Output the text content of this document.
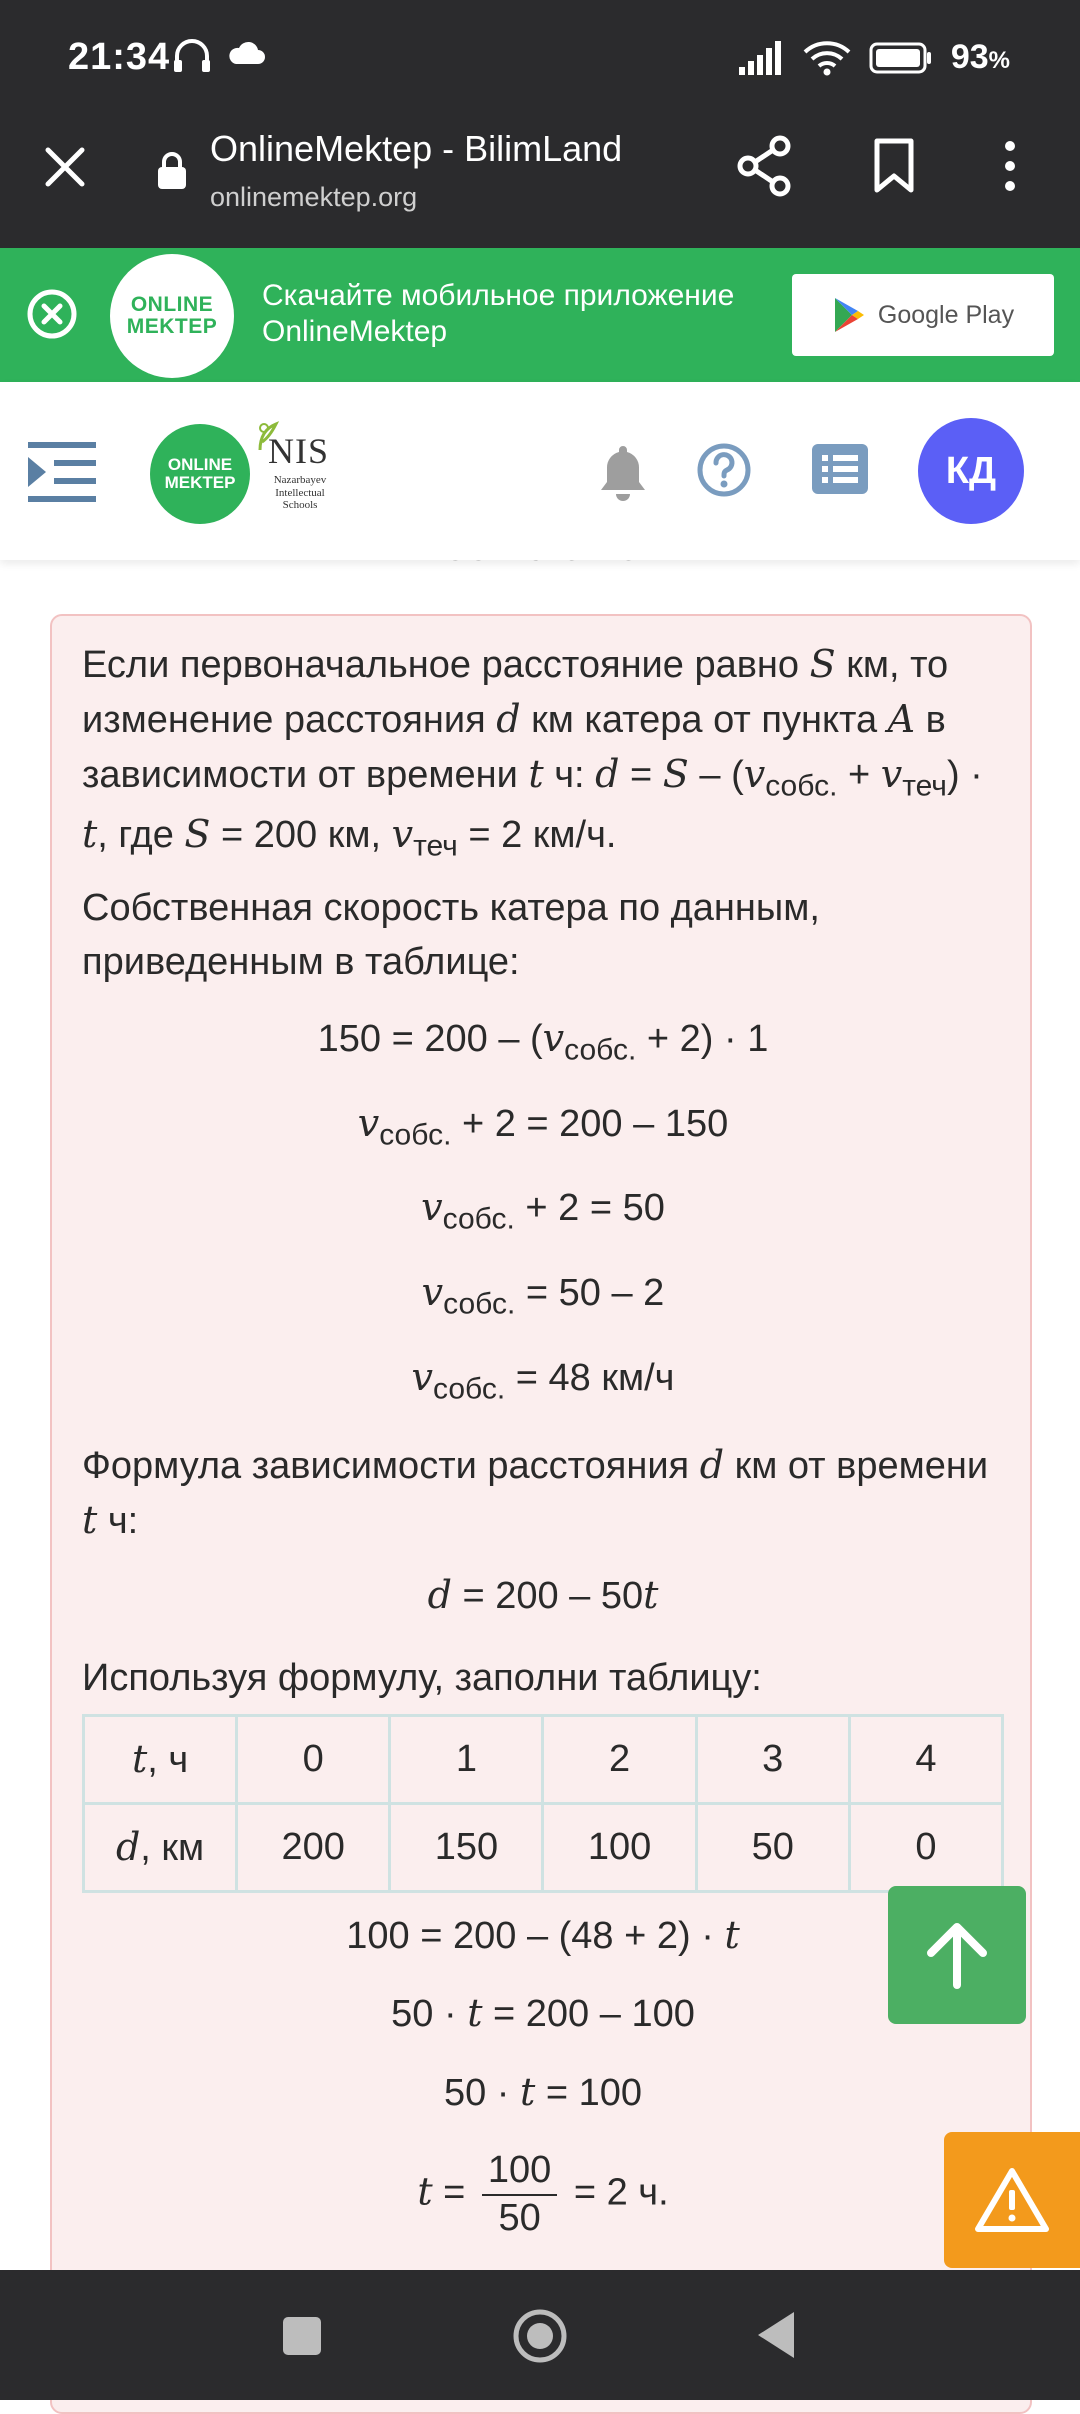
21:34	93%
OnlineMektep - BilimLand
onlinemektep.org
ONLINE
MEKTEP
Скачайте мобильное приложение
OnlineMektep
Google Play
ONLINE
MEKTEP
NIS
Nazarbayev Intellectual Schools
КД

Если первоначальное расстояние равно S км, то изменение расстояния d км катера от пункта A в зависимости от времени t ч: $d = S - (v_{собс.} + v_{теч}) \cdot t$, где S = 200 км, $v_{теч} = 2$ км/ч.

Собственная скорость катера по данным, приведенным в таблице:

$150 = 200 - (v_{собс.} + 2) \cdot 1$
$v_{собс.} + 2 = 200 - 150$
$v_{собс.} + 2 = 50$
$v_{собс.} = 50 - 2$
$v_{собс.} = 48$ км/ч

Формула зависимости расстояния d км от времени t ч:

d = 200 – 50t

Используя формулу, заполни таблицу:

t, ч	0	1	2	3	4
d, км	200	150	100	50	0
100 = 200 – (48 + 2) · t
50 · t = 200 – 100
50 · t = 100
$t = \frac{100}{50} = 2$ ч.
